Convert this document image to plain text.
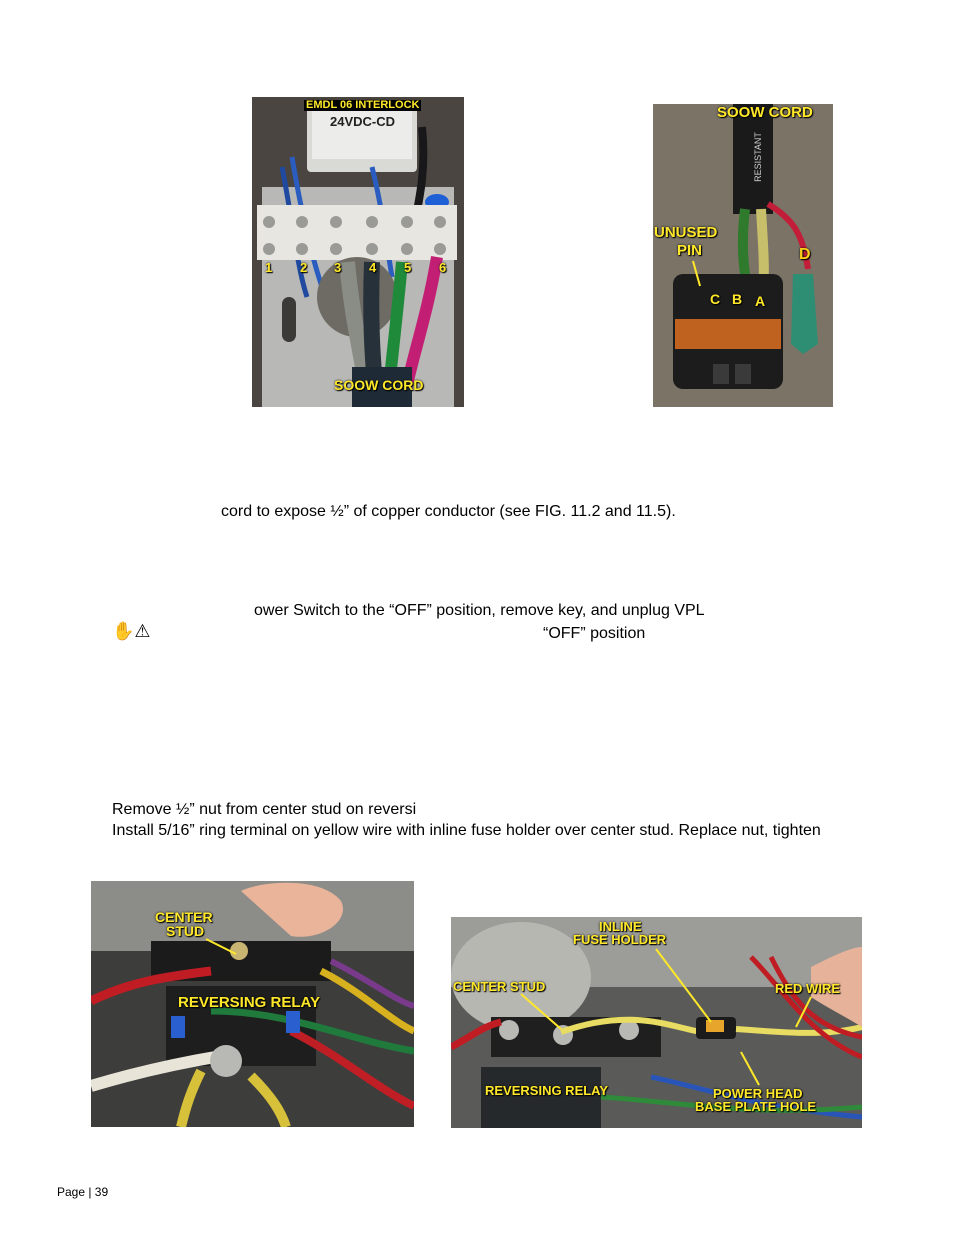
EMDL 06 INTERLOCK
24VDC-CD
1 2 3 4 5 6
SOOW CORD
SOOW CORD
RESISTANT
UNUSED
PIN
C B A
D
cord to expose ½” of copper conductor (see FIG. 11.2 and 11.5).
ower Switch to the “OFF” position, remove key, and unplug VPL
✋⚠	“OFF” position
Remove ½” nut from center stud on reversi
Install 5/16” ring terminal on yellow wire with inline fuse holder over center stud. Replace nut, tighten
CENTER
STUD
REVERSING RELAY
INLINE
FUSE HOLDER
CENTER STUD	RED WIRE
REVERSING RELAY	POWER HEAD
BASE PLATE HOLE
Page | 39
